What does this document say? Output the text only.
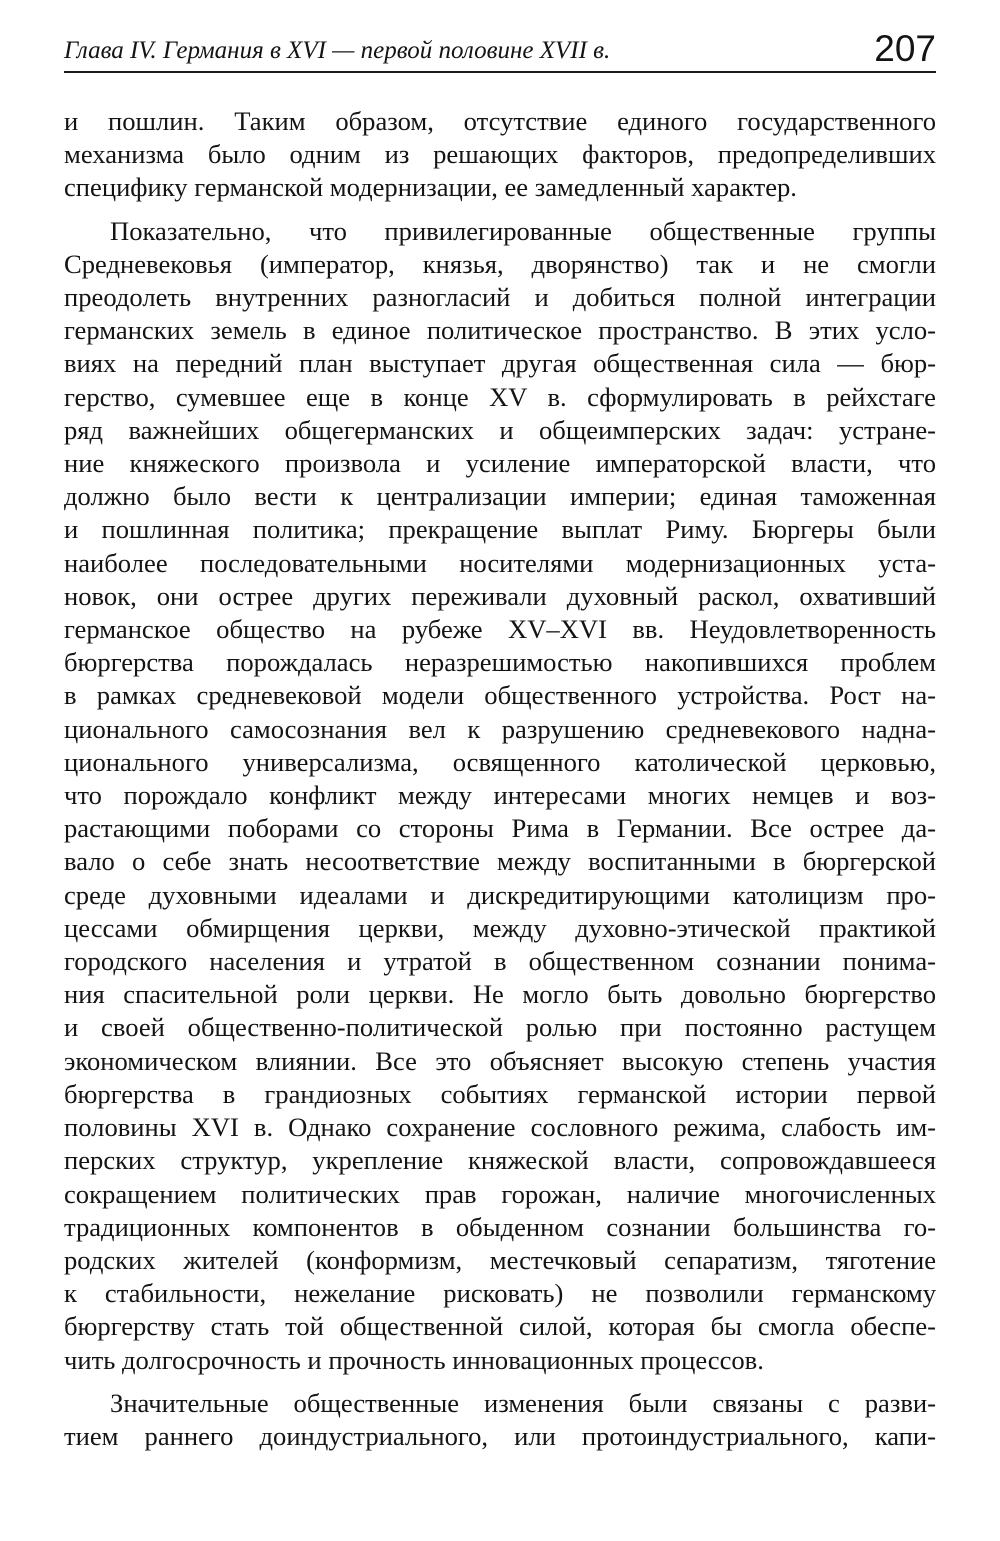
Глава IV. Германия в XVI — первой половине XVII в.	207

и пошлин. Таким образом, отсутствие единого государственного

механизма было одним из решающих факторов, предопределивших

специфику германской модернизации, ее замедленный характер.

Показательно, что привилегированные общественные группы

Средневековья (император, князья, дворянство) так и не смогли

преодолеть внутренних разногласий и добиться полной интеграции

германских земель в единое политическое пространство. В этих усло-

виях на передний план выступает другая общественная сила — бюр-

герство, сумевшее еще в конце XV в. сформулировать в рейхстаге

ряд важнейших общегерманских и общеимперских задач: устране-

ние княжеского произвола и усиление императорской власти, что

должно было вести к централизации империи; единая таможенная

и пошлинная политика; прекращение выплат Риму. Бюргеры были

наиболее последовательными носителями модернизационных уста-

новок, они острее других переживали духовный раскол, охвативший

германское общество на рубеже XV–XVI вв. Неудовлетворенность

бюргерства порождалась неразрешимостью накопившихся проблем

в рамках средневековой модели общественного устройства. Рост на-

ционального самосознания вел к разрушению средневекового надна-

ционального универсализма, освященного католической церковью,

что порождало конфликт между интересами многих немцев и воз-

растающими поборами со стороны Рима в Германии. Все острее да-

вало о себе знать несоответствие между воспитанными в бюргерской

среде духовными идеалами и дискредитирующими католицизм про-

цессами обмирщения церкви, между духовно-этической практикой

городского населения и утратой в общественном сознании понима-

ния спасительной роли церкви. Не могло быть довольно бюргерство

и своей общественно-политической ролью при постоянно растущем

экономическом влиянии. Все это объясняет высокую степень участия

бюргерства в грандиозных событиях германской истории первой

половины XVI в. Однако сохранение сословного режима, слабость им-

перских структур, укрепление княжеской власти, сопровождавшееся

сокращением политических прав горожан, наличие многочисленных

традиционных компонентов в обыденном сознании большинства го-

родских жителей (конформизм, местечковый сепаратизм, тяготение

к стабильности, нежелание рисковать) не позволили германскому

бюргерству стать той общественной силой, которая бы смогла обеспе-

чить долгосрочность и прочность инновационных процессов.

Значительные общественные изменения были связаны с разви-

тием раннего доиндустриального, или протоиндустриального, капи-
